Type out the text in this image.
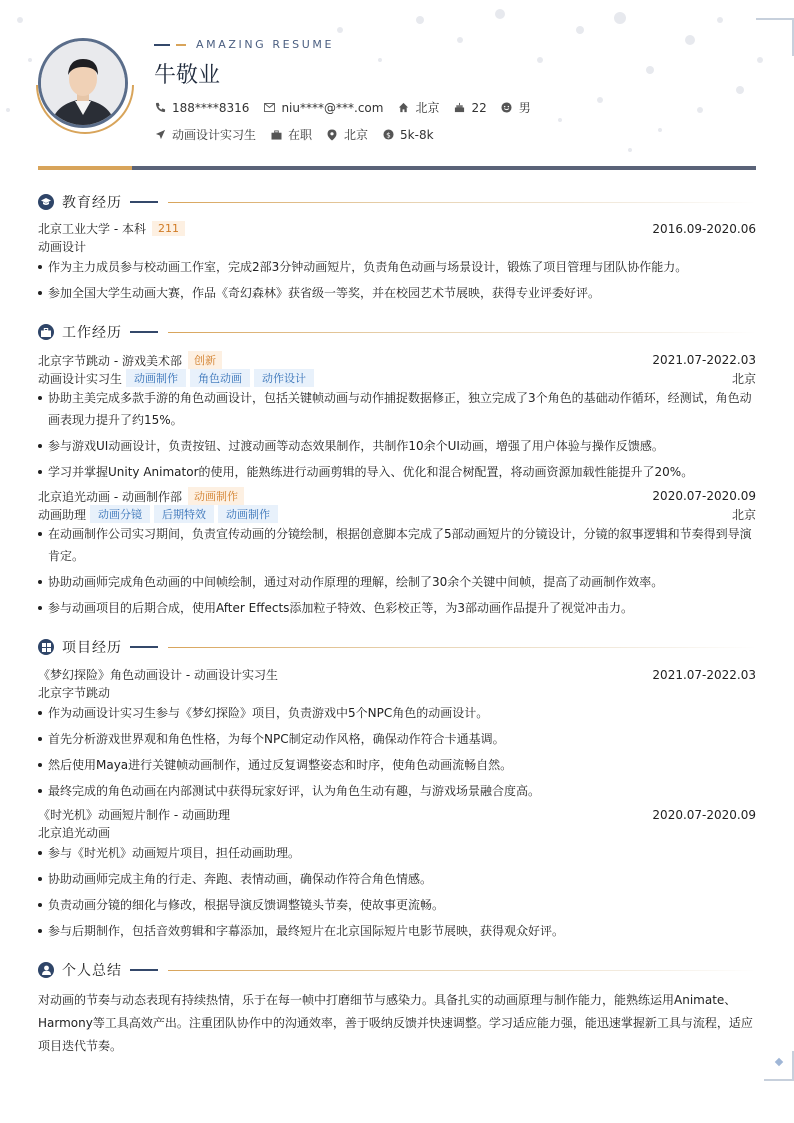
AMAZING RESUME
牛敬业
188****8316	niu****@***.com	北京	22	男
动画设计实习生	在职	北京 $ 5k-8k
教育经历
北京工业大学 - 本科	211	2016.09-2020.06
动画设计
作为主力成员参与校动画工作室，完成2部3分钟动画短片，负责角色动画与场景设计，锻炼了项目管理与团队协作能力。
参加全国大学生动画大赛，作品《奇幻森林》获省级一等奖，并在校园艺术节展映，获得专业评委好评。
工作经历
北京字节跳动 - 游戏美术部	创新	2021.07-2022.03
动画设计实习生	动画制作	角色动画	动作设计	北京
协助主美完成多款手游的角色动画设计，包括关键帧动画与动作捕捉数据修正，独立完成了3个角色的基础动作循环，经测试，角色动
画表现力提升了约15%。
参与游戏UI动画设计，负责按钮、过渡动画等动态效果制作，共制作10余个UI动画，增强了用户体验与操作反馈感。
学习并掌握Unity Animator的使用，能熟练进行动画剪辑的导入、优化和混合树配置，将动画资源加载性能提升了20%。
北京追光动画 - 动画制作部	动画制作	2020.07-2020.09
动画助理	动画分镜	后期特效	动画制作	北京
在动画制作公司实习期间，负责宣传动画的分镜绘制，根据创意脚本完成了5部动画短片的分镜设计，分镜的叙事逻辑和节奏得到导演
肯定。
协助动画师完成角色动画的中间帧绘制，通过对动作原理的理解，绘制了30余个关键中间帧，提高了动画制作效率。
参与动画项目的后期合成，使用After Effects添加粒子特效、色彩校正等，为3部动画作品提升了视觉冲击力。
项目经历
《梦幻探险》角色动画设计 - 动画设计实习生	2021.07-2022.03
北京字节跳动
作为动画设计实习生参与《梦幻探险》项目，负责游戏中5个NPC角色的动画设计。
首先分析游戏世界观和角色性格，为每个NPC制定动作风格，确保动作符合卡通基调。
然后使用Maya进行关键帧动画制作，通过反复调整姿态和时序，使角色动画流畅自然。
最终完成的角色动画在内部测试中获得玩家好评，认为角色生动有趣，与游戏场景融合度高。
《时光机》动画短片制作 - 动画助理	2020.07-2020.09
北京追光动画
参与《时光机》动画短片项目，担任动画助理。
协助动画师完成主角的行走、奔跑、表情动画，确保动作符合角色情感。
负责动画分镜的细化与修改，根据导演反馈调整镜头节奏，使故事更流畅。
参与后期制作，包括音效剪辑和字幕添加，最终短片在北京国际短片电影节展映，获得观众好评。
个人总结
对动画的节奏与动态表现有持续热情，乐于在每一帧中打磨细节与感染力。具备扎实的动画原理与制作能力，能熟练运用Animate、
Harmony等工具高效产出。注重团队协作中的沟通效率，善于吸纳反馈并快速调整。学习适应能力强，能迅速掌握新工具与流程，适应
项目迭代节奏。
